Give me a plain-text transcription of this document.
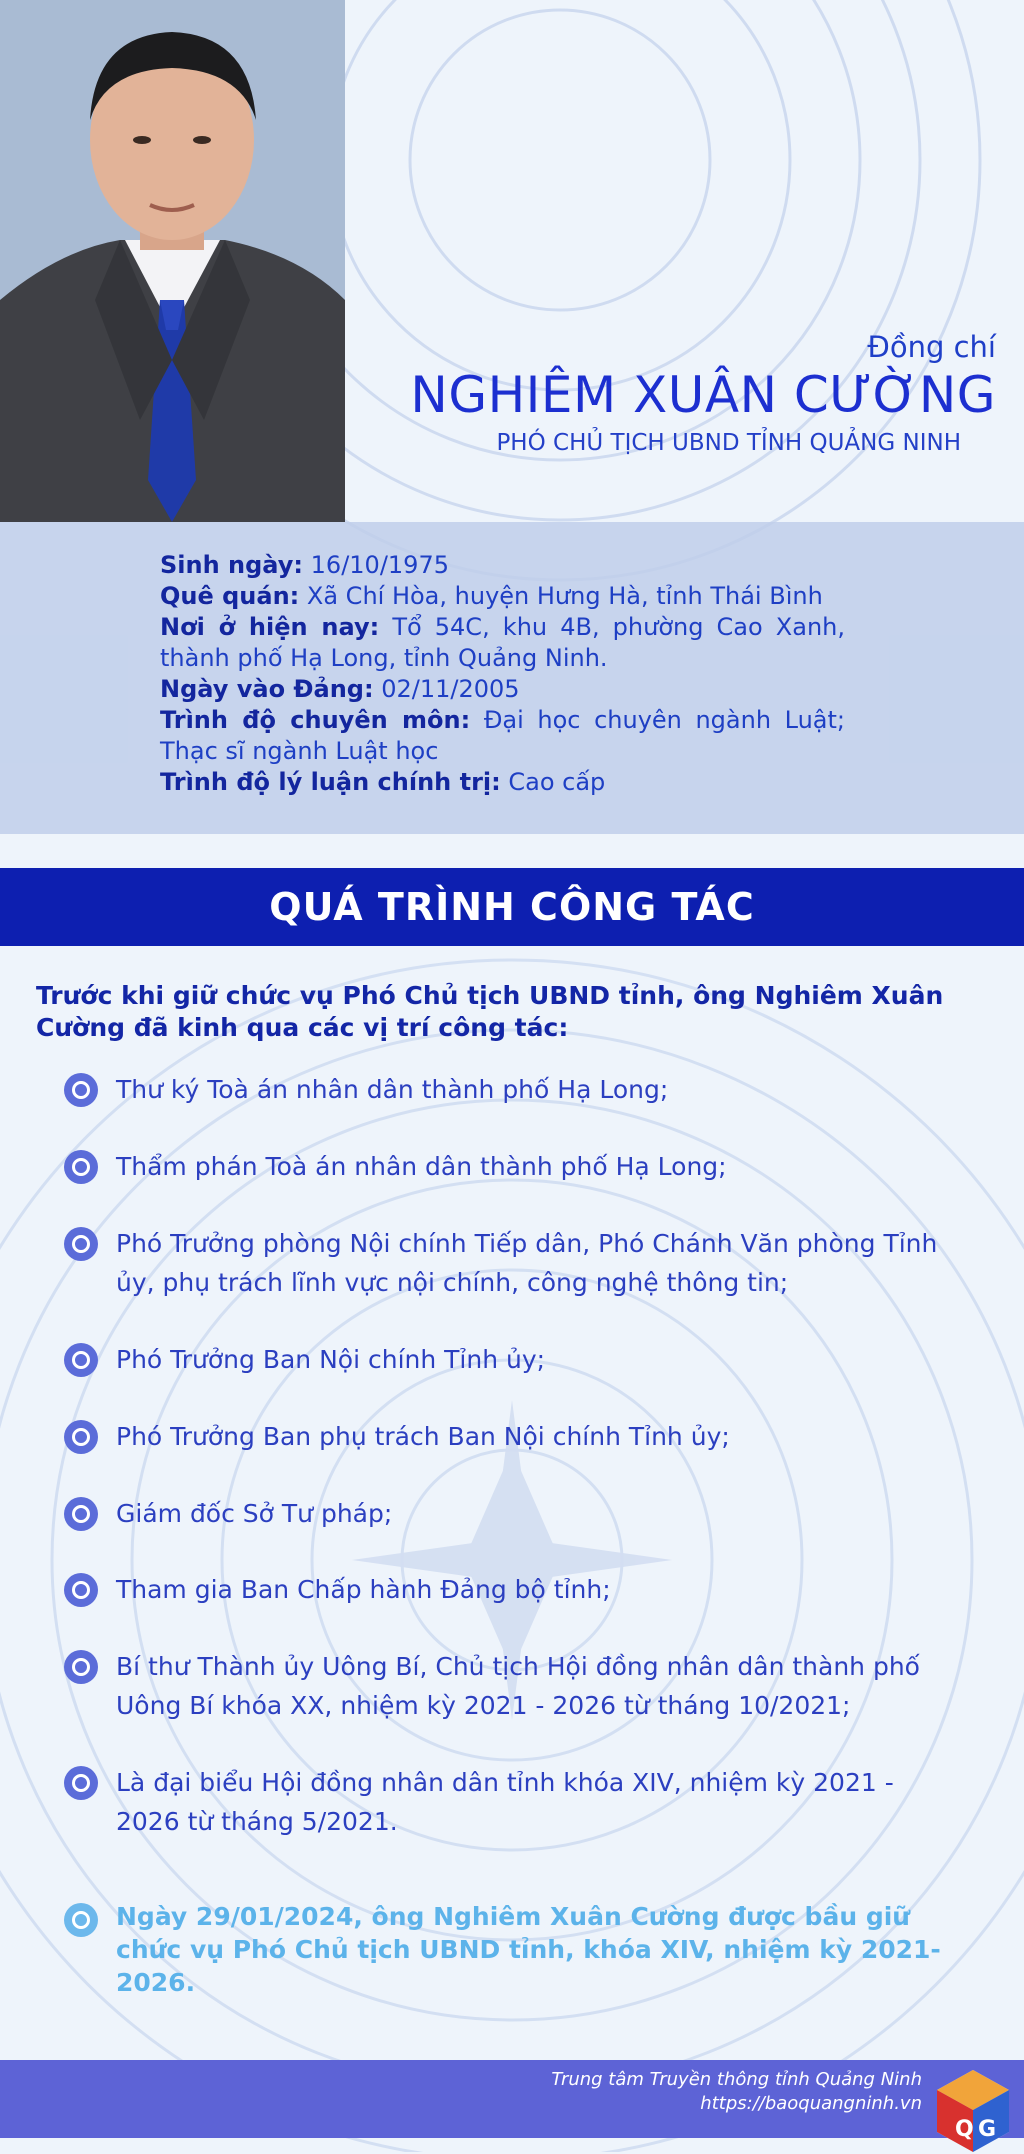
Đồng chí
NGHIÊM XUÂN CƯỜNG
PHÓ CHỦ TỊCH UBND TỈNH QUẢNG NINH

Sinh ngày: 16/10/1975

Quê quán: Xã Chí Hòa, huyện Hưng Hà, tỉnh Thái Bình

Nơi ở hiện nay: Tổ 54C, khu 4B, phường Cao Xanh, thành phố Hạ Long, tỉnh Quảng Ninh.

Ngày vào Đảng: 02/11/2005

Trình độ chuyên môn: Đại học chuyên ngành Luật; Thạc sĩ ngành Luật học

Trình độ lý luận chính trị: Cao cấp

QUÁ TRÌNH CÔNG TÁC
Trước khi giữ chức vụ Phó Chủ tịch UBND tỉnh, ông Nghiêm Xuân Cường đã kinh qua các vị trí công tác:
Thư ký Toà án nhân dân thành phố Hạ Long;
Thẩm phán Toà án nhân dân thành phố Hạ Long;
Phó Trưởng phòng Nội chính Tiếp dân, Phó Chánh Văn phòng Tỉnh ủy, phụ trách lĩnh vực nội chính, công nghệ thông tin;
Phó Trưởng Ban Nội chính Tỉnh ủy;
Phó Trưởng Ban phụ trách Ban Nội chính Tỉnh ủy;
Giám đốc Sở Tư pháp;
Tham gia Ban Chấp hành Đảng bộ tỉnh;
Bí thư Thành ủy Uông Bí, Chủ tịch Hội đồng nhân dân thành phố Uông Bí khóa XX, nhiệm kỳ 2021 - 2026 từ tháng 10/2021;
Là đại biểu Hội đồng nhân dân tỉnh khóa XIV, nhiệm kỳ 2021 - 2026 từ tháng 5/2021.
Ngày 29/01/2024, ông Nghiêm Xuân Cường được bầu giữ chức vụ Phó Chủ tịch UBND tỉnh, khóa XIV, nhiệm kỳ 2021-2026.
Trung tâm Truyền thông tỉnh Quảng Ninh
https://baoquangninh.vn
Q G
